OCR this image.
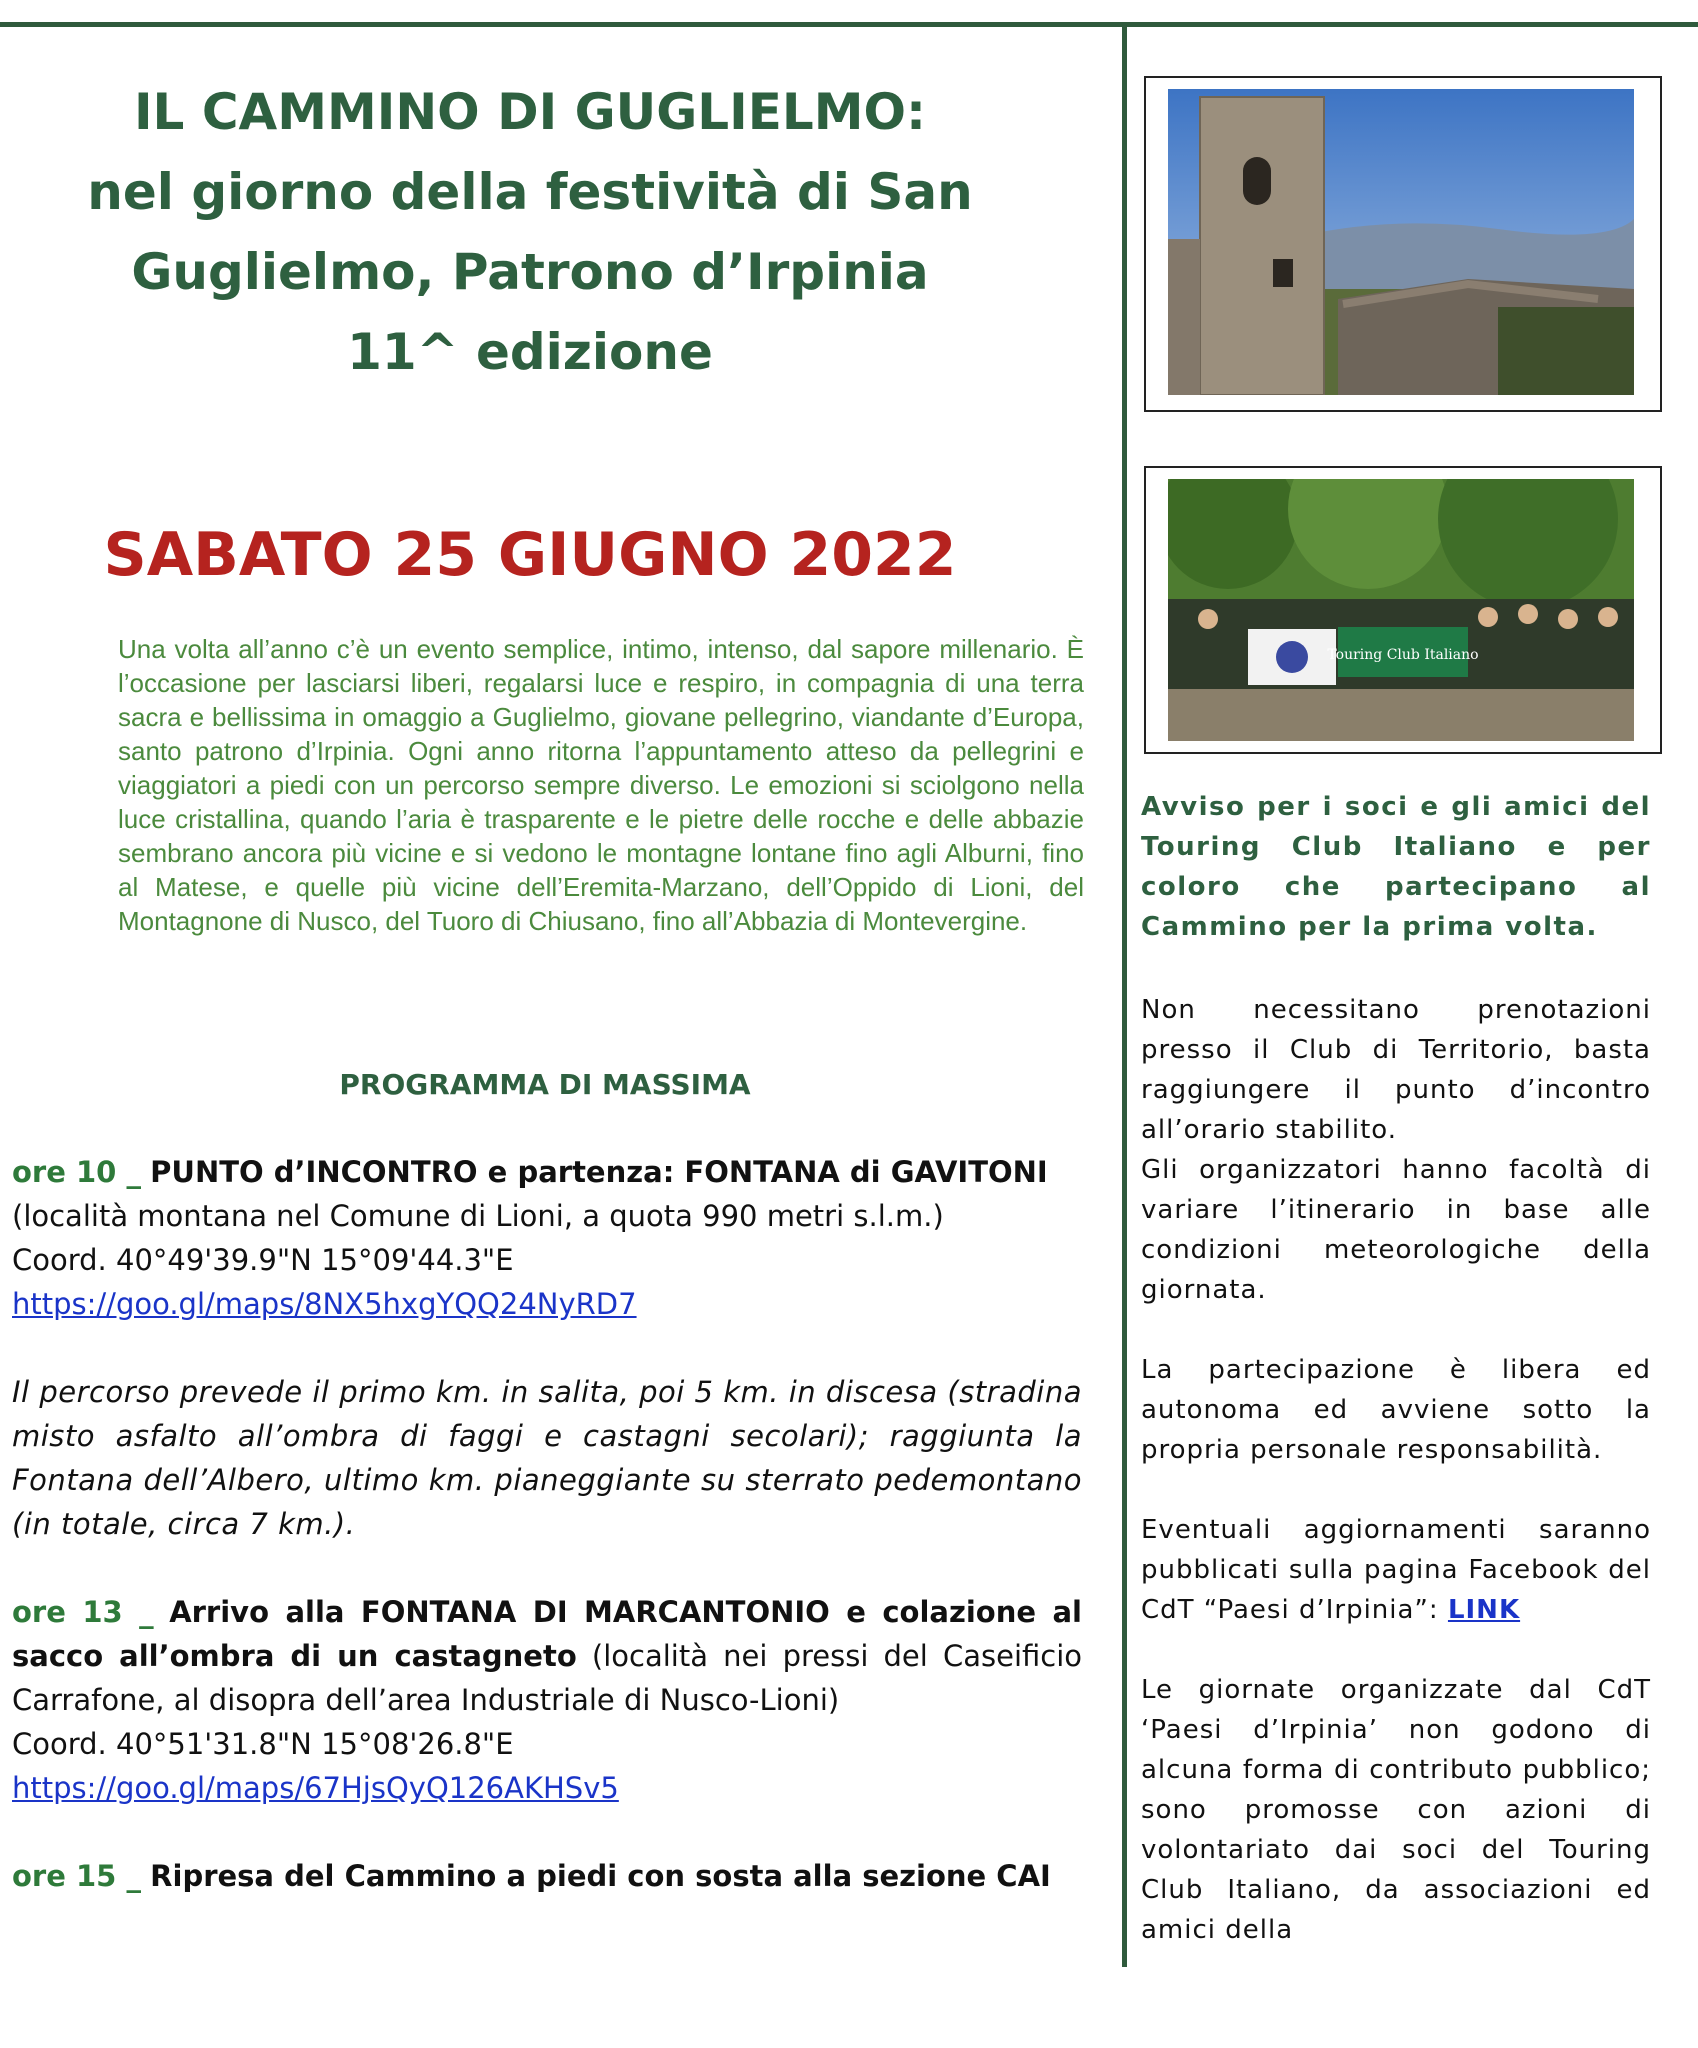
IL CAMMINO DI GUGLIELMO:
nel giorno della festività di San
Guglielmo, Patrono d’Irpinia
11^ edizione
SABATO 25 GIUGNO 2022

Una volta all’anno c’è un evento semplice, intimo, intenso, dal sapore millenario. È l’occasione per lasciarsi liberi, regalarsi luce e respiro, in compagnia di una terra sacra e bellissima in omaggio a Guglielmo, giovane pellegrino, viandante d’Europa, santo patrono d’Irpinia. Ogni anno ritorna l’appuntamento atteso da pellegrini e viaggiatori a piedi con un percorso sempre diverso. Le emozioni si sciolgono nella luce cristallina, quando l’aria è trasparente e le pietre delle rocche e delle abbazie sembrano ancora più vicine e si vedono le montagne lontane fino agli Alburni, fino al Matese, e quelle più vicine dell’Eremita-Marzano, dell’Oppido di Lioni, del Montagnone di Nusco, del Tuoro di Chiusano, fino all’Abbazia di Montevergine.

PROGRAMMA DI MASSIMA

ore 10 _ PUNTO d’INCONTRO e partenza: FONTANA di GAVITONI

(località montana nel Comune di Lioni, a quota 990 metri s.l.m.)

Coord. 40°49'39.9"N 15°09'44.3"E

https://goo.gl/maps/8NX5hxgYQQ24NyRD7

Il percorso prevede il primo km. in salita, poi 5 km. in discesa (stradina misto asfalto all’ombra di faggi e castagni secolari); raggiunta la Fontana dell’Albero, ultimo km. pianeggiante su sterrato pedemontano (in totale, circa 7 km.).

ore 13 _ Arrivo alla FONTANA DI MARCANTONIO e colazione al sacco all’ombra di un castagneto (località nei pressi del Caseificio Carrafone, al disopra dell’area Industriale di Nusco-Lioni)

Coord. 40°51'31.8"N 15°08'26.8"E

https://goo.gl/maps/67HjsQyQ126AKHSv5

ore 15 _ Ripresa del Cammino a piedi con sosta alla sezione CAI

Touring Club Italiano

Avviso per i soci e gli amici del Touring Club Italiano e per coloro che partecipano al Cammino per la prima volta.

Non necessitano prenotazioni presso il Club di Territorio, basta raggiungere il punto d’incontro all’orario stabilito.

Gli organizzatori hanno facoltà di variare l’itinerario in base alle condizioni meteorologiche della giornata.

La partecipazione è libera ed autonoma ed avviene sotto la propria personale responsabilità.

Eventuali aggiornamenti saranno pubblicati sulla pagina Facebook del CdT “Paesi d’Irpinia”: LINK

Le giornate organizzate dal CdT ‘Paesi d’Irpinia’ non godono di alcuna forma di contributo pubblico; sono promosse con azioni di volontariato dai soci del Touring Club Italiano, da associazioni ed amici della
